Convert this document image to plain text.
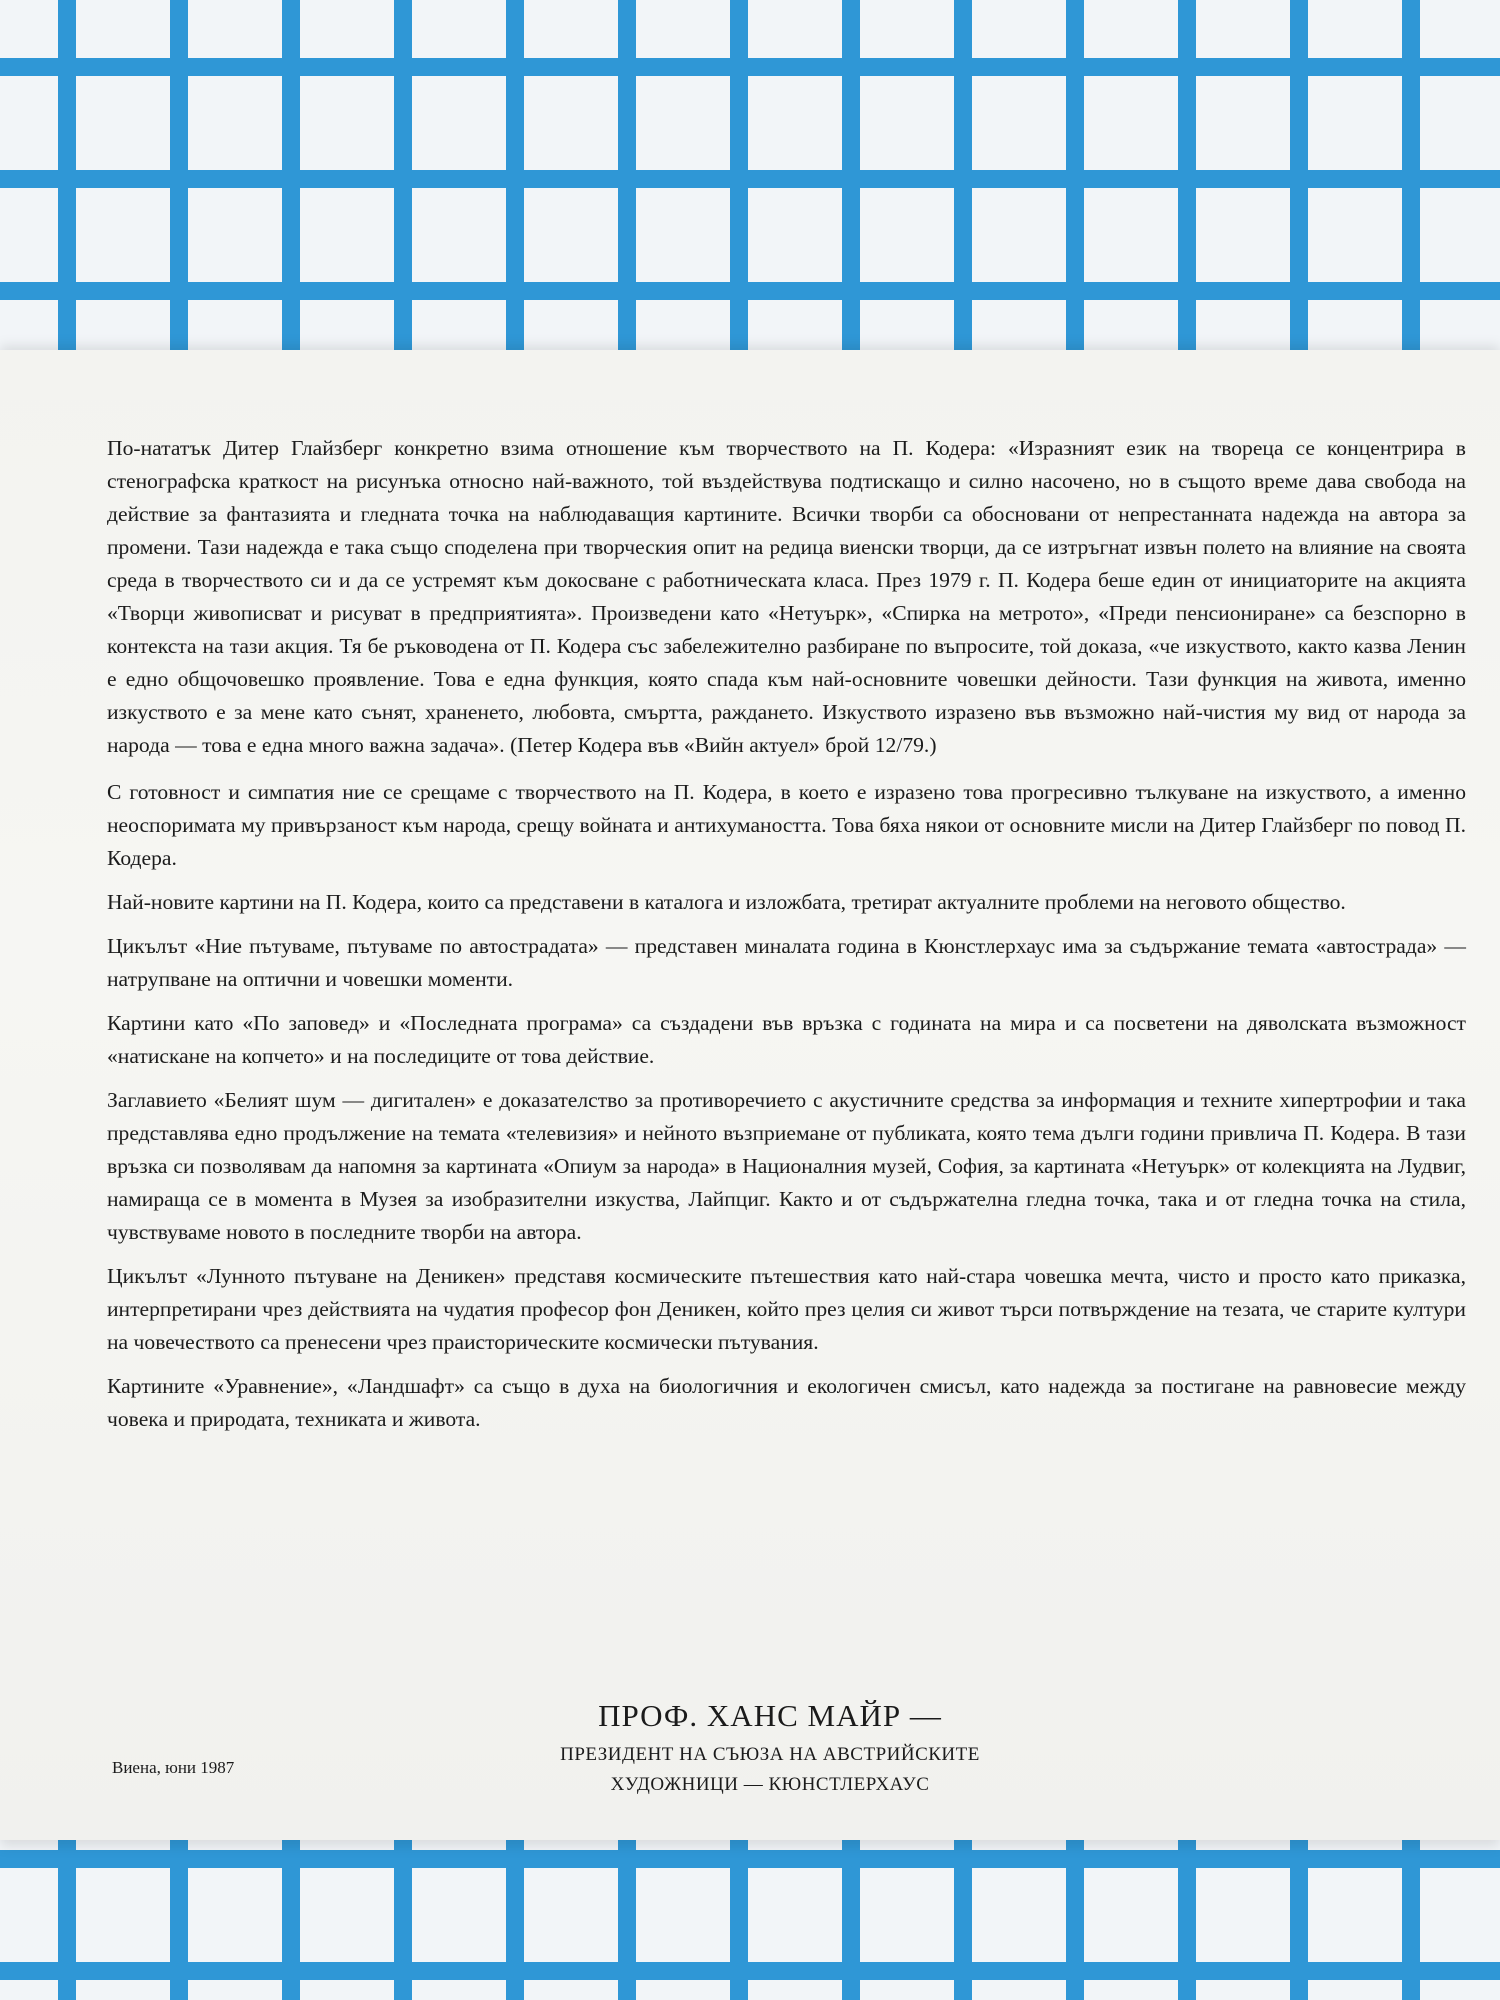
По-нататък Дитер Глайзберг конкретно взима отношение към творчеството на П. Кодера: «Изразният език на твореца се концентрира в стенографска краткост на рисунъка относно най-важното, той въздействува подтискащо и силно насочено, но в същото време дава свобода на действие за фантазията и гледната точка на наблюдаващия картините. Всички творби са обосновани от непрестанната надежда на автора за промени. Тази надежда е така също споделена при творческия опит на редица виенски творци, да се изтръгнат извън полето на влияние на своята среда в творчеството си и да се устремят към докосване с работническата класа. През 1979 г. П. Кодера беше един от инициаторите на акцията «Творци живописват и рисуват в предприятията». Произведени като «Нетуърк», «Спирка на метрото», «Преди пенсиониране» са безспорно в контекста на тази акция. Тя бе ръководена от П. Кодера със забележително разбиране по въпросите, той доказа, «че изкуството, както казва Ленин е едно общочовешко проявление. Това е една функция, която спада към най-основните човешки дейности. Тази функция на живота, именно изкуството е за мене като сънят, храненето, любовта, смъртта, раждането. Изкуството изразено във възможно най-чистия му вид от народа за народа — това е една много важна задача». (Петер Кодера във «Вийн актуел» брой 12/79.)

С готовност и симпатия ние се срещаме с творчеството на П. Кодера, в което е изразено това прогресивно тълкуване на изкуството, а именно неоспоримата му привързаност към народа, срещу войната и антихумаността. Това бяха някои от основните мисли на Дитер Глайзберг по повод П. Кодера.

Най-новите картини на П. Кодера, които са представени в каталога и изложбата, третират актуалните проблеми на неговото общество.

Цикълът «Ние пътуваме, пътуваме по автострадата» — представен миналата година в Кюнстлерхаус има за съдържание темата «автострада» — натрупване на оптични и човешки моменти.

Картини като «По заповед» и «Последната програма» са създадени във връзка с годината на мира и са посветени на дяволската възможност «натискане на копчето» и на последиците от това действие.

Заглавието «Белият шум — дигитален» е доказателство за противоречието с акустичните средства за информация и техните хипертрофии и така представлява едно продължение на темата «телевизия» и нейното възприемане от публиката, която тема дълги години привлича П. Кодера. В тази връзка си позволявам да напомня за картината «Опиум за народа» в Националния музей, София, за картината «Нетуърк» от колекцията на Лудвиг, намираща се в момента в Музея за изобразителни изкуства, Лайпциг. Както и от съдържателна гледна точка, така и от гледна точка на стила, чувствуваме новото в последните творби на автора.

Цикълът «Лунното пътуване на Деникен» представя космическите пътешествия като най-стара човешка мечта, чисто и просто като приказка, интерпретирани чрез действията на чудатия професор фон Деникен, който през целия си живот търси потвърждение на тезата, че старите култури на човечеството са пренесени чрез праисторическите космически пътувания.

Картините «Уравнение», «Ландшафт» са също в духа на биологичния и екологичен смисъл, като надежда за постигане на равновесие между човека и природата, техниката и живота.

ПРОФ. ХАНС МАЙР —
ПРЕЗИДЕНТ НА СЪЮЗА НА АВСТРИЙСКИТЕ
ХУДОЖНИЦИ — КЮНСТЛЕРХАУС
Виена, юни 1987
